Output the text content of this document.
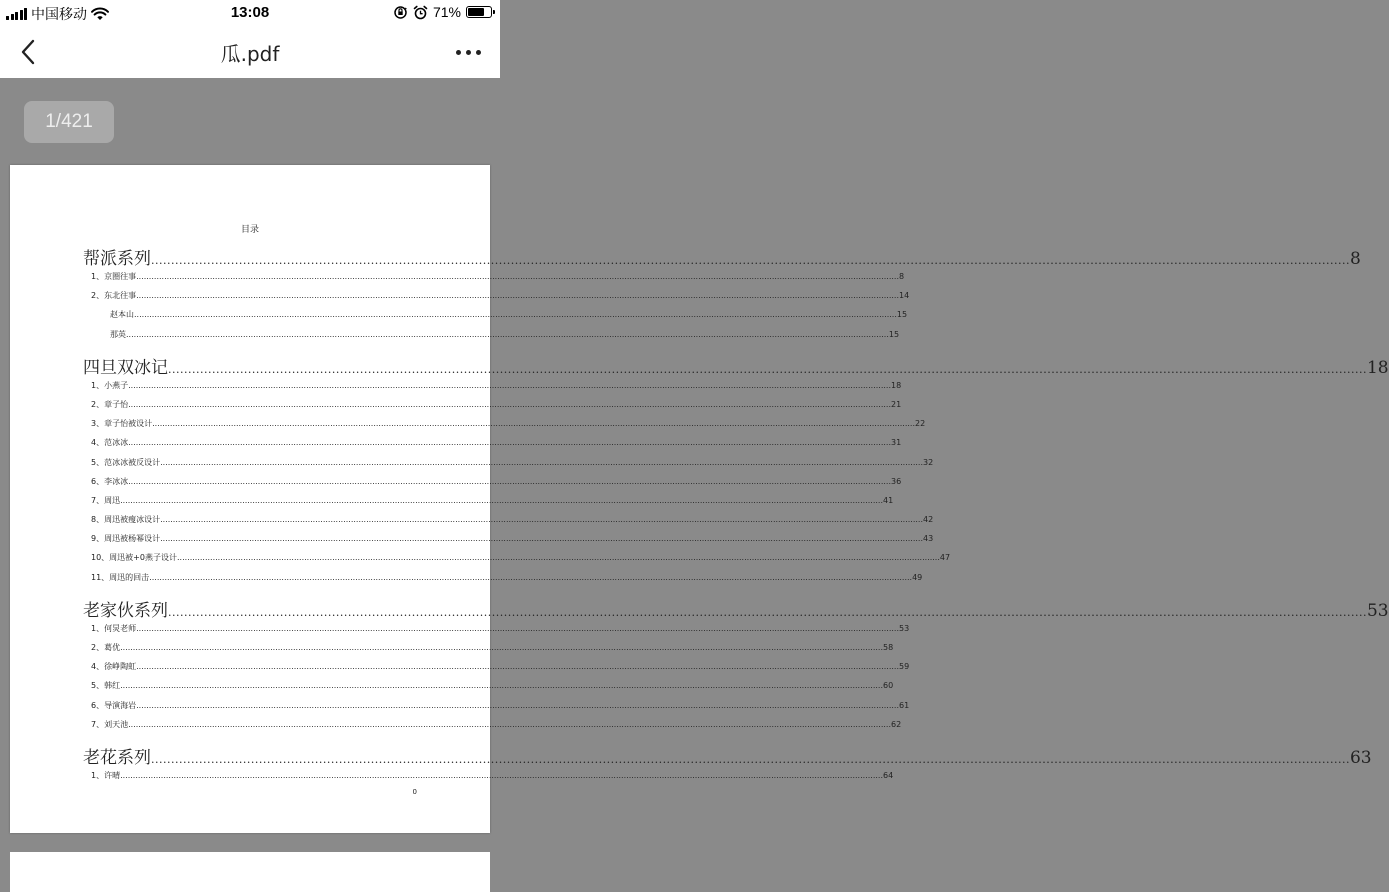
中国移动	13:08	71%
瓜.pdf
1/421
目录
帮派系列 ............................................................................................................................................................................................................................................................................................................ 8
1、京圈往事 ............................................................................................................................................................................................................................................................................................................ 8
2、东北往事 ............................................................................................................................................................................................................................................................................................................ 14
赵本山 ............................................................................................................................................................................................................................................................................................................ 15
那英 ............................................................................................................................................................................................................................................................................................................ 15
四旦双冰记 ............................................................................................................................................................................................................................................................................................................ 18
1、小燕子 ............................................................................................................................................................................................................................................................................................................ 18
2、章子怡 ............................................................................................................................................................................................................................................................................................................ 21
3、章子怡被设计 ............................................................................................................................................................................................................................................................................................................ 22
4、范冰冰 ............................................................................................................................................................................................................................................................................................................ 31
5、范冰冰被反设计 ............................................................................................................................................................................................................................................................................................................ 32
6、李冰冰 ............................................................................................................................................................................................................................................................................................................ 36
7、周迅 ............................................................................................................................................................................................................................................................................................................ 41
8、周迅被瘦冰设计 ............................................................................................................................................................................................................................................................................................................ 42
9、周迅被杨幂设计 ............................................................................................................................................................................................................................................................................................................ 43
10、周迅被+0燕子设计 ............................................................................................................................................................................................................................................................................................................ 47
11、周迅的回击 ............................................................................................................................................................................................................................................................................................................ 49
老家伙系列 ............................................................................................................................................................................................................................................................................................................ 53
1、何炅老师 ............................................................................................................................................................................................................................................................................................................ 53
2、葛优 ............................................................................................................................................................................................................................................................................................................ 58
4、徐峥陶虹 ............................................................................................................................................................................................................................................................................................................ 59
5、韩红 ............................................................................................................................................................................................................................................................................................................ 60
6、导演海岩 ............................................................................................................................................................................................................................................................................................................ 61
7、刘天池 ............................................................................................................................................................................................................................................................................................................ 62
老花系列 ............................................................................................................................................................................................................................................................................................................ 63
1、许晴 ............................................................................................................................................................................................................................................................................................................ 64
0
